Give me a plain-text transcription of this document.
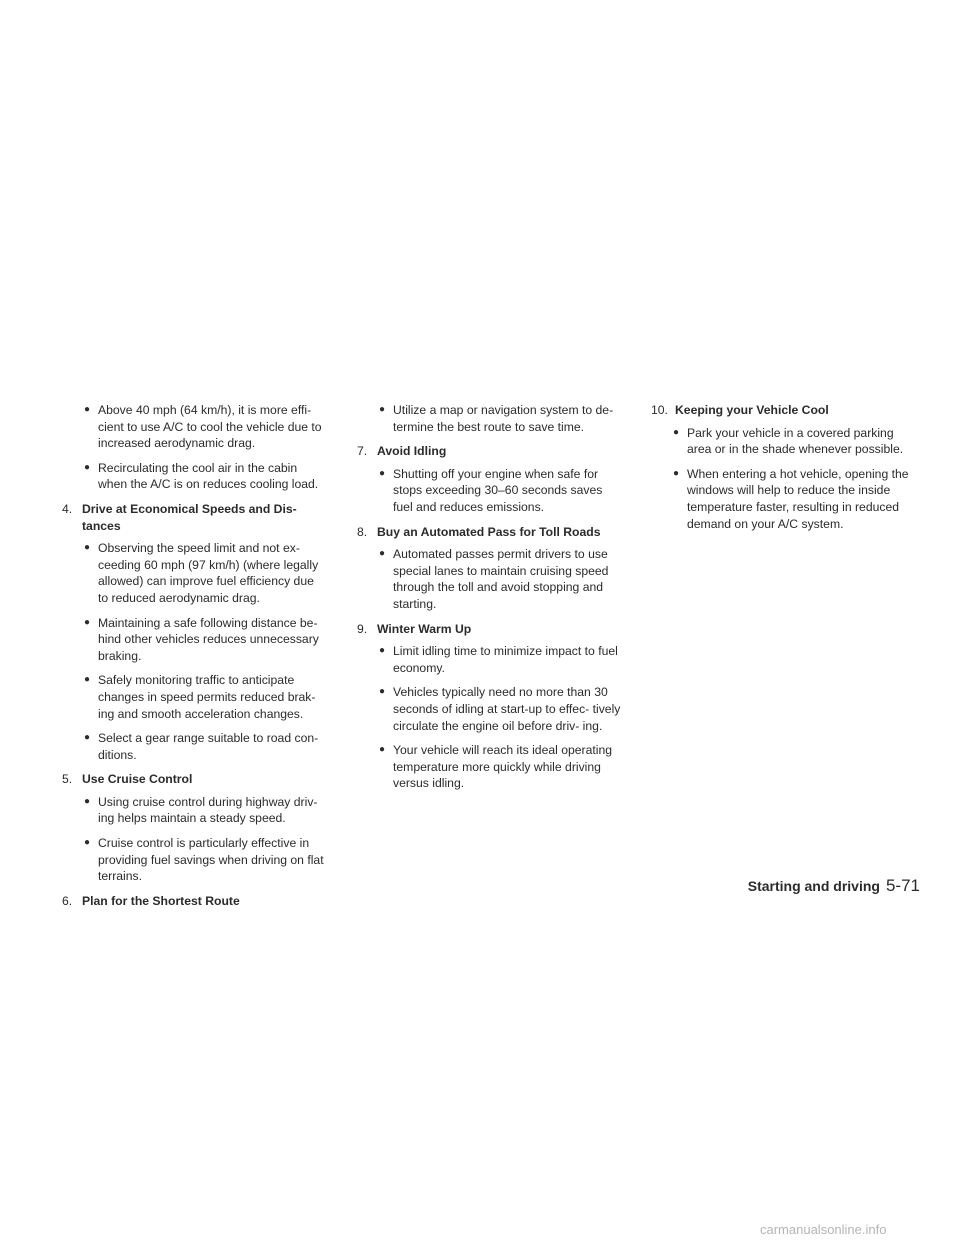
● Above 40 mph (64 km/h), it is more effi- cient to use A/C to cool the vehicle due to increased aerodynamic drag.
● Recirculating the cool air in the cabin when the A/C is on reduces cooling load.
4. Drive at Economical Speeds and Dis- tances
● Observing the speed limit and not ex- ceeding 60 mph (97 km/h) (where legally allowed) can improve fuel efficiency due to reduced aerodynamic drag.
● Maintaining a safe following distance be- hind other vehicles reduces unnecessary braking.
● Safely monitoring traffic to anticipate changes in speed permits reduced brak- ing and smooth acceleration changes.
● Select a gear range suitable to road con- ditions.
5. Use Cruise Control
● Using cruise control during highway driv- ing helps maintain a steady speed.
● Cruise control is particularly effective in providing fuel savings when driving on flat terrains.
6. Plan for the Shortest Route
● Utilize a map or navigation system to de- termine the best route to save time.
7. Avoid Idling
● Shutting off your engine when safe for stops exceeding 30–60 seconds saves fuel and reduces emissions.
8. Buy an Automated Pass for Toll Roads
● Automated passes permit drivers to use special lanes to maintain cruising speed through the toll and avoid stopping and starting.
9. Winter Warm Up
● Limit idling time to minimize impact to fuel economy.
● Vehicles typically need no more than 30 seconds of idling at start-up to effec- tively circulate the engine oil before driv- ing.
● Your vehicle will reach its ideal operating temperature more quickly while driving versus idling.
10. Keeping your Vehicle Cool
● Park your vehicle in a covered parking area or in the shade whenever possible.
● When entering a hot vehicle, opening the windows will help to reduce the inside temperature faster, resulting in reduced demand on your A/C system.
Starting and driving 5-71
carmanualsonline.info
